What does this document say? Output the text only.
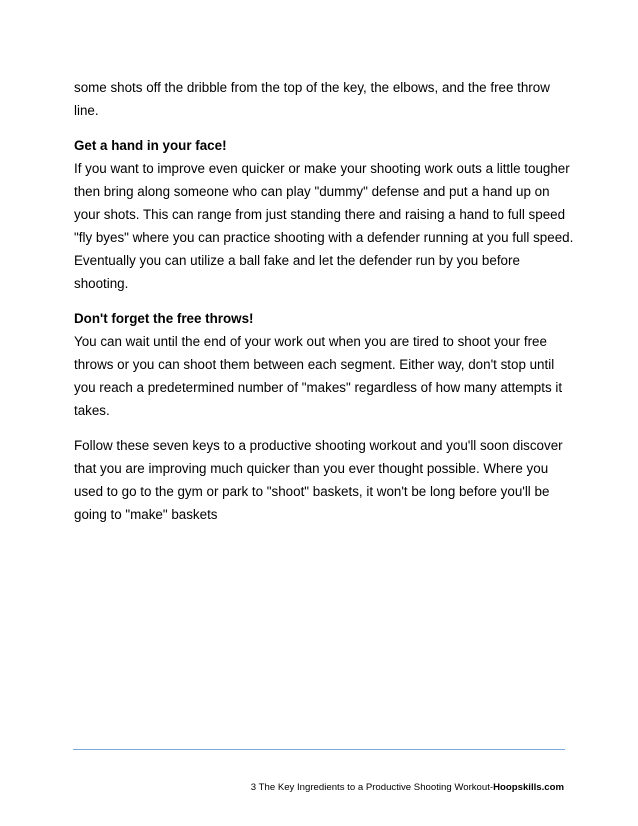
some shots off the dribble from the top of the key, the elbows, and the free throw line.

Get a hand in your face!

If you want to improve even quicker or make your shooting work outs a little tougher then bring along someone who can play "dummy" defense and put a hand up on your shots. This can range from just standing there and raising a hand to full speed "fly byes" where you can practice shooting with a defender running at you full speed. Eventually you can utilize a ball fake and let the defender run by you before shooting.

Don't forget the free throws!

You can wait until the end of your work out when you are tired to shoot your free throws or you can shoot them between each segment. Either way, don't stop until you reach a predetermined number of "makes" regardless of how many attempts it takes.

Follow these seven keys to a productive shooting workout and you'll soon discover that you are improving much quicker than you ever thought possible. Where you used to go to the gym or park to "shoot" baskets, it won't be long before you'll be going to "make" baskets

3 The Key Ingredients to a Productive Shooting Workout-Hoopskills.com
